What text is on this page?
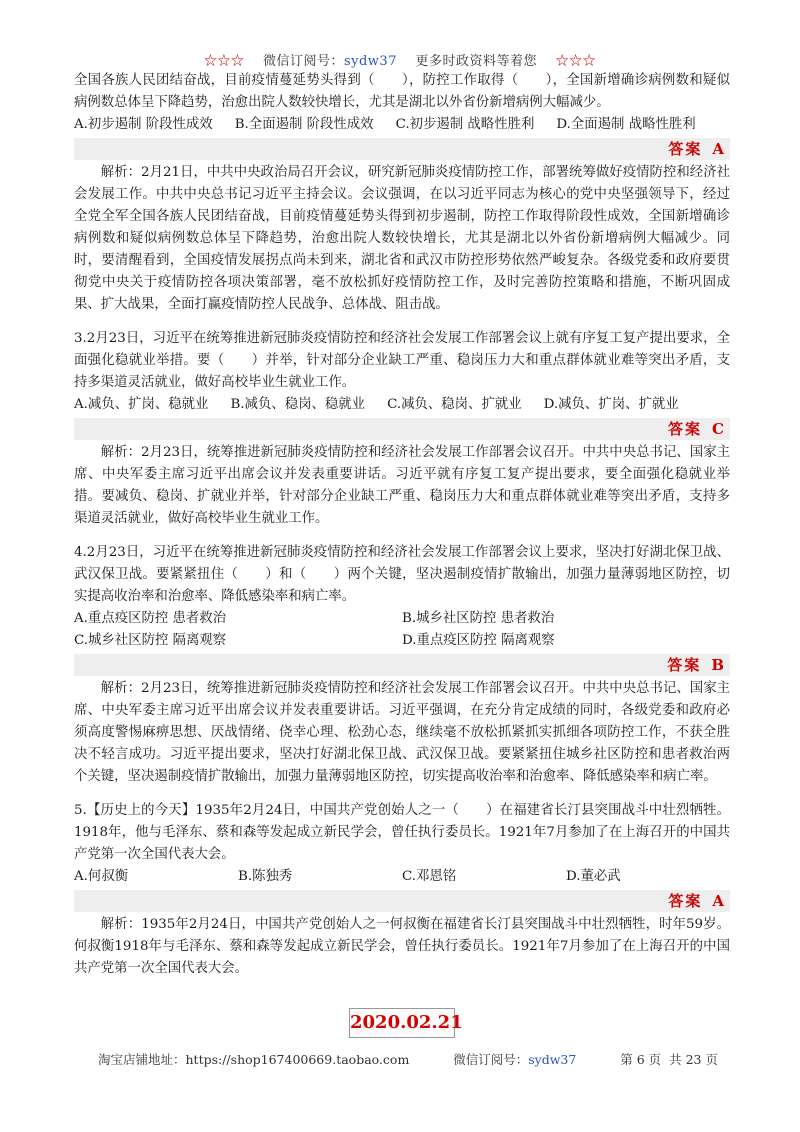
☆☆☆ 微信订阅号：sydw37 更多时政资料等着您 ☆☆☆

全国各族人民团结奋战，目前疫情蔓延势头得到（　　），防控工作取得（　　），全国新增确诊病例数和疑似病例数总体呈下降趋势，治愈出院人数较快增长，尤其是湖北以外省份新增病例大幅减少。

A.初步遏制 阶段性成效 B.全面遏制 阶段性成效 C.初步遏制 战略性胜利 D.全面遏制 战略性胜利
答案 A

解析：2月21日，中共中央政治局召开会议，研究新冠肺炎疫情防控工作，部署统筹做好疫情防控和经济社会发展工作。中共中央总书记习近平主持会议。会议强调，在以习近平同志为核心的党中央坚强领导下，经过全党全军全国各族人民团结奋战，目前疫情蔓延势头得到初步遏制，防控工作取得阶段性成效，全国新增确诊病例数和疑似病例数总体呈下降趋势，治愈出院人数较快增长，尤其是湖北以外省份新增病例大幅减少。同时，要清醒看到，全国疫情发展拐点尚未到来，湖北省和武汉市防控形势依然严峻复杂。各级党委和政府要贯彻党中央关于疫情防控各项决策部署，毫不放松抓好疫情防控工作，及时完善防控策略和措施，不断巩固成果、扩大战果，全面打赢疫情防控人民战争、总体战、阻击战。

3.2月23日，习近平在统筹推进新冠肺炎疫情防控和经济社会发展工作部署会议上就有序复工复产提出要求，全面强化稳就业举措。要（　　）并举，针对部分企业缺工严重、稳岗压力大和重点群体就业难等突出矛盾，支持多渠道灵活就业，做好高校毕业生就业工作。

A.减负、扩岗、稳就业 B.减负、稳岗、稳就业 C.减负、稳岗、扩就业 D.减负、扩岗、扩就业
答案 C

解析：2月23日，统筹推进新冠肺炎疫情防控和经济社会发展工作部署会议召开。中共中央总书记、国家主席、中央军委主席习近平出席会议并发表重要讲话。习近平就有序复工复产提出要求，要全面强化稳就业举措。要减负、稳岗、扩就业并举，针对部分企业缺工严重、稳岗压力大和重点群体就业难等突出矛盾，支持多渠道灵活就业，做好高校毕业生就业工作。

4.2月23日，习近平在统筹推进新冠肺炎疫情防控和经济社会发展工作部署会议上要求，坚决打好湖北保卫战、武汉保卫战。要紧紧扭住（　　）和（　　）两个关键，坚决遏制疫情扩散输出，加强力量薄弱地区防控，切实提高收治率和治愈率、降低感染率和病亡率。

A.重点疫区防控 患者救治	B.城乡社区防控 患者救治
C.城乡社区防控 隔离观察	D.重点疫区防控 隔离观察
答案 B

解析：2月23日，统筹推进新冠肺炎疫情防控和经济社会发展工作部署会议召开。中共中央总书记、国家主席、中央军委主席习近平出席会议并发表重要讲话。习近平强调，在充分肯定成绩的同时，各级党委和政府必须高度警惕麻痹思想、厌战情绪、侥幸心理、松劲心态，继续毫不放松抓紧抓实抓细各项防控工作，不获全胜决不轻言成功。习近平提出要求，坚决打好湖北保卫战、武汉保卫战。要紧紧扭住城乡社区防控和患者救治两个关键，坚决遏制疫情扩散输出，加强力量薄弱地区防控，切实提高收治率和治愈率、降低感染率和病亡率。

5.【历史上的今天】1935年2月24日，中国共产党创始人之一（　　）在福建省长汀县突围战斗中壮烈牺牲。1918年，他与毛泽东、蔡和森等发起成立新民学会，曾任执行委员长。1921年7月参加了在上海召开的中国共产党第一次全国代表大会。

A.何叔衡	B.陈独秀	C.邓恩铭	D.董必武
答案 A

解析：1935年2月24日，中国共产党创始人之一何叔衡在福建省长汀县突围战斗中壮烈牺牲，时年59岁。何叔衡1918年与毛泽东、蔡和森等发起成立新民学会，曾任执行委员长。1921年7月参加了在上海召开的中国共产党第一次全国代表大会。

2020.02.21
淘宝店铺地址：https://shop167400669.taobao.com	微信订阅号：sydw37	第 6 页 共 23 页
